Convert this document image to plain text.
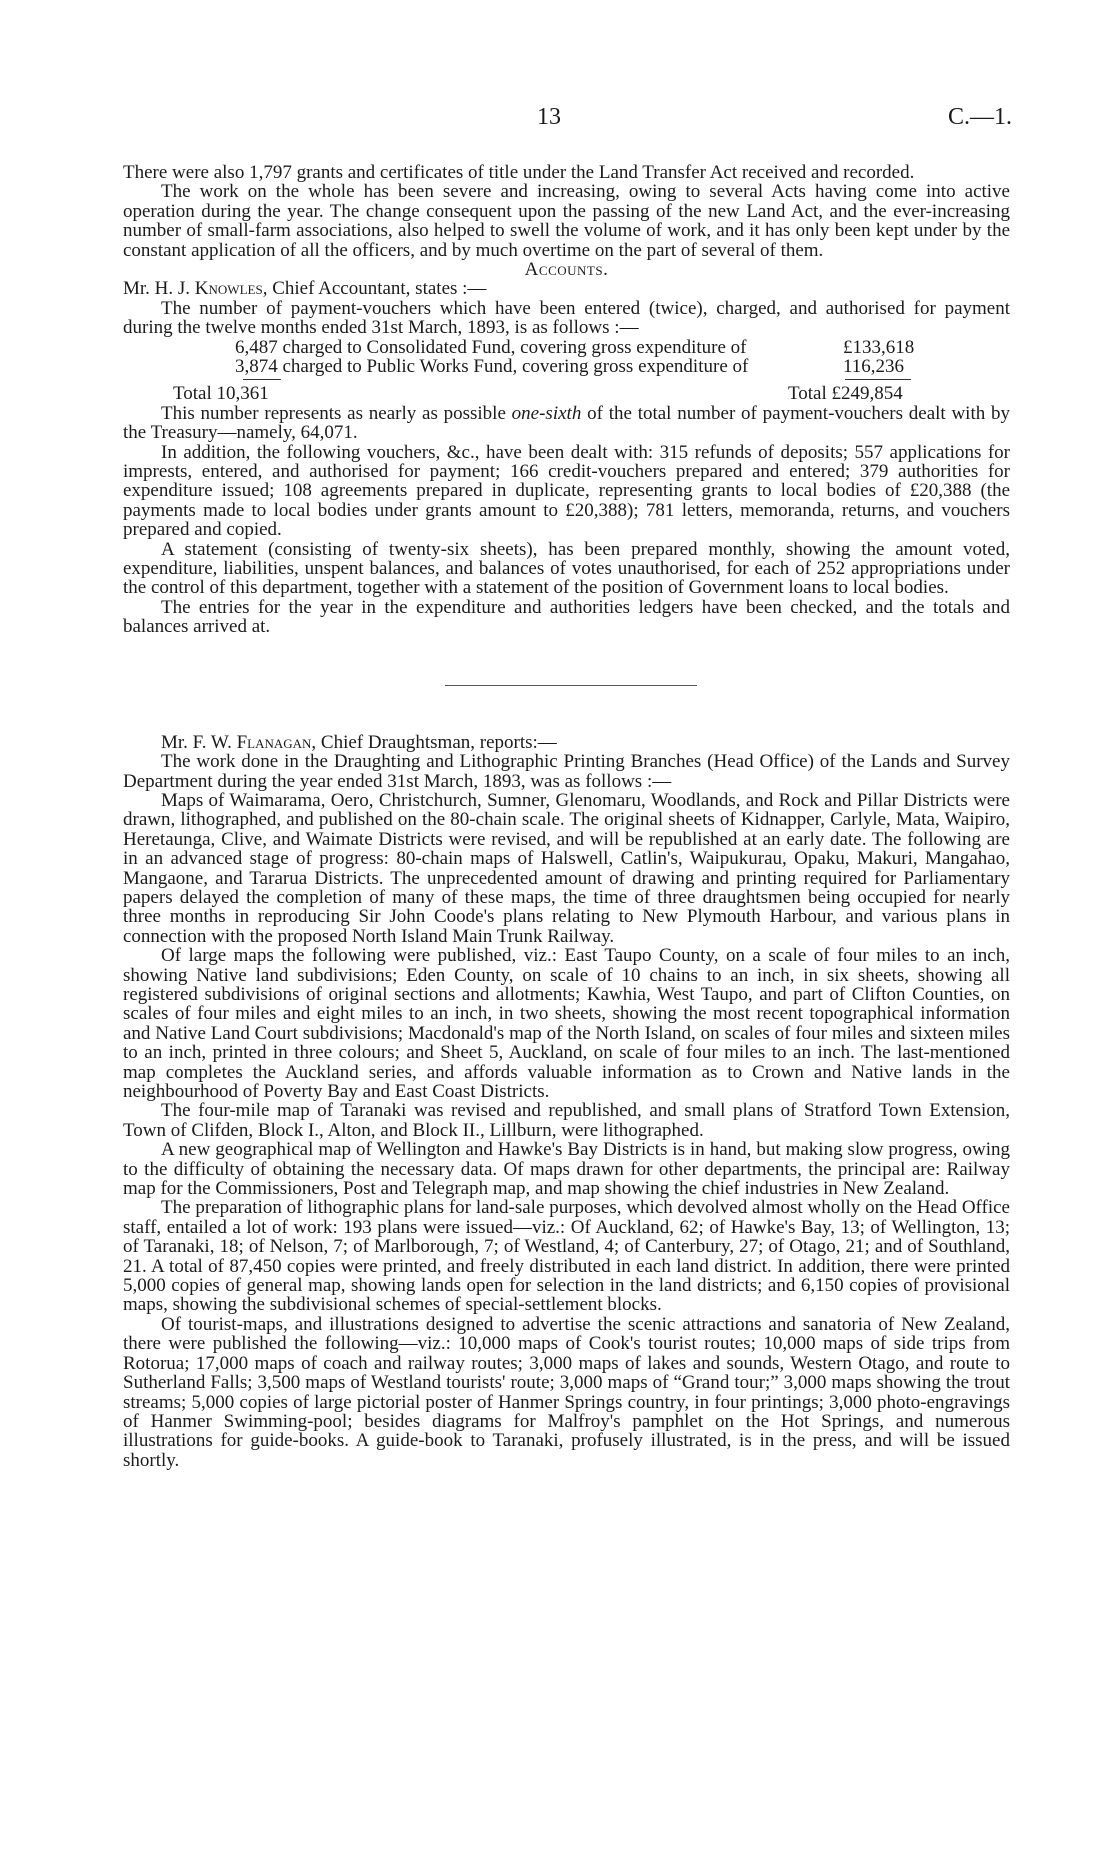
13	C.—1.

There were also 1,797 grants and certificates of title under the Land Transfer Act received and recorded.

The work on the whole has been severe and increasing, owing to several Acts having come into active operation during the year. The change consequent upon the passing of the new Land Act, and the ever-increasing number of small-farm associations, also helped to swell the volume of work, and it has only been kept under by the constant application of all the officers, and by much overtime on the part of several of them.

Accounts.

Mr. H. J. Knowles, Chief Accountant, states :—

The number of payment-vouchers which have been entered (twice), charged, and authorised for payment during the twelve months ended 31st March, 1893, is as follows :—

6,487 charged to Consolidated Fund, covering gross expenditure of	£133,618
3,874 charged to Public Works Fund, covering gross expenditure of	116,236
Total 10,361	Total £249,854

This number represents as nearly as possible one-sixth of the total number of payment-vouchers dealt with by the Treasury—namely, 64,071.

In addition, the following vouchers, &c., have been dealt with: 315 refunds of deposits; 557 applications for imprests, entered, and authorised for payment; 166 credit-vouchers prepared and entered; 379 authorities for expenditure issued; 108 agreements prepared in duplicate, representing grants to local bodies of £20,388 (the payments made to local bodies under grants amount to £20,388); 781 letters, memoranda, returns, and vouchers prepared and copied.

A statement (consisting of twenty-six sheets), has been prepared monthly, showing the amount voted, expenditure, liabilities, unspent balances, and balances of votes unauthorised, for each of 252 appropriations under the control of this department, together with a statement of the position of Government loans to local bodies.

The entries for the year in the expenditure and authorities ledgers have been checked, and the totals and balances arrived at.

Mr. F. W. Flanagan, Chief Draughtsman, reports:—

The work done in the Draughting and Lithographic Printing Branches (Head Office) of the Lands and Survey Department during the year ended 31st March, 1893, was as follows :—

Maps of Waimarama, Oero, Christchurch, Sumner, Glenomaru, Woodlands, and Rock and Pillar Districts were drawn, lithographed, and published on the 80-chain scale. The original sheets of Kidnapper, Carlyle, Mata, Waipiro, Heretaunga, Clive, and Waimate Districts were revised, and will be republished at an early date. The following are in an advanced stage of progress: 80-chain maps of Halswell, Catlin's, Waipukurau, Opaku, Makuri, Mangahao, Mangaone, and Tararua Districts. The unprecedented amount of drawing and printing required for Parliamentary papers delayed the completion of many of these maps, the time of three draughtsmen being occupied for nearly three months in reproducing Sir John Coode's plans relating to New Plymouth Harbour, and various plans in connection with the proposed North Island Main Trunk Railway.

Of large maps the following were published, viz.: East Taupo County, on a scale of four miles to an inch, showing Native land subdivisions; Eden County, on scale of 10 chains to an inch, in six sheets, showing all registered subdivisions of original sections and allotments; Kawhia, West Taupo, and part of Clifton Counties, on scales of four miles and eight miles to an inch, in two sheets, showing the most recent topographical information and Native Land Court subdivisions; Macdonald's map of the North Island, on scales of four miles and sixteen miles to an inch, printed in three colours; and Sheet 5, Auckland, on scale of four miles to an inch. The last-mentioned map completes the Auckland series, and affords valuable information as to Crown and Native lands in the neighbourhood of Poverty Bay and East Coast Districts.

The four-mile map of Taranaki was revised and republished, and small plans of Stratford Town Extension, Town of Clifden, Block I., Alton, and Block II., Lillburn, were lithographed.

A new geographical map of Wellington and Hawke's Bay Districts is in hand, but making slow progress, owing to the difficulty of obtaining the necessary data. Of maps drawn for other departments, the principal are: Railway map for the Commissioners, Post and Telegraph map, and map showing the chief industries in New Zealand.

The preparation of lithographic plans for land-sale purposes, which devolved almost wholly on the Head Office staff, entailed a lot of work: 193 plans were issued—viz.: Of Auckland, 62; of Hawke's Bay, 13; of Wellington, 13; of Taranaki, 18; of Nelson, 7; of Marlborough, 7; of Westland, 4; of Canterbury, 27; of Otago, 21; and of Southland, 21. A total of 87,450 copies were printed, and freely distributed in each land district. In addition, there were printed 5,000 copies of general map, showing lands open for selection in the land districts; and 6,150 copies of provisional maps, showing the subdivisional schemes of special-settlement blocks.

Of tourist-maps, and illustrations designed to advertise the scenic attractions and sanatoria of New Zealand, there were published the following—viz.: 10,000 maps of Cook's tourist routes; 10,000 maps of side trips from Rotorua; 17,000 maps of coach and railway routes; 3,000 maps of lakes and sounds, Western Otago, and route to Sutherland Falls; 3,500 maps of Westland tourists' route; 3,000 maps of “Grand tour;” 3,000 maps showing the trout streams; 5,000 copies of large pictorial poster of Hanmer Springs country, in four printings; 3,000 photo-engravings of Hanmer Swimming-pool; besides diagrams for Malfroy's pamphlet on the Hot Springs, and numerous illustrations for guide-books. A guide-book to Taranaki, profusely illustrated, is in the press, and will be issued shortly.
